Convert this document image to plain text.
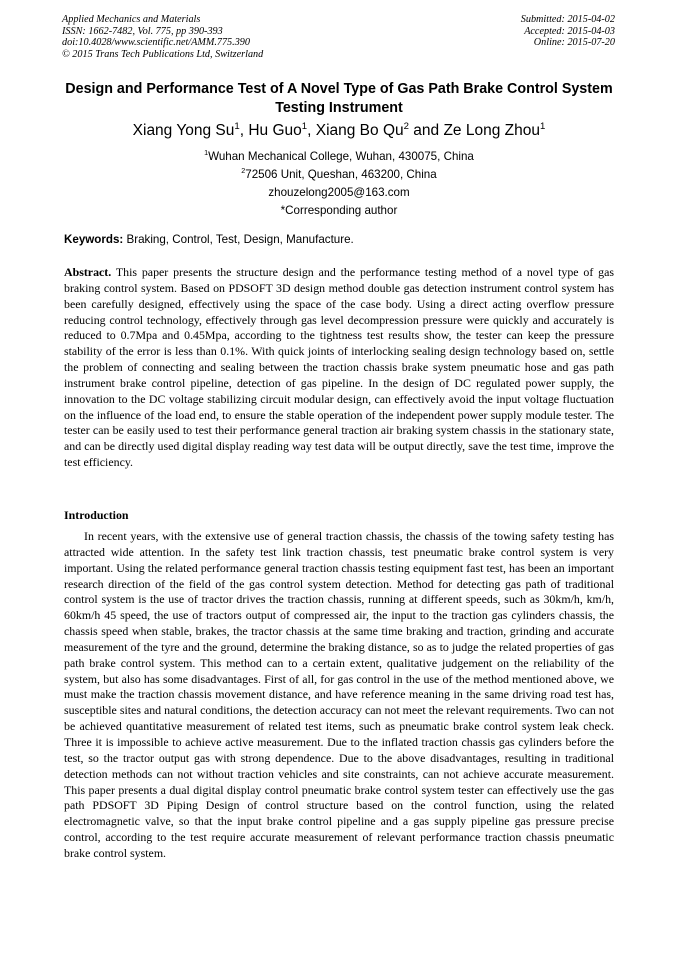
Applied Mechanics and Materials
ISSN: 1662-7482, Vol. 775, pp 390-393
doi:10.4028/www.scientific.net/AMM.775.390
© 2015 Trans Tech Publications Ltd, Switzerland
Submitted: 2015-04-02
Accepted: 2015-04-03
Online: 2015-07-20
Design and Performance Test of A Novel Type of Gas Path Brake Control System Testing Instrument
Xiang Yong Su$^1$, Hu Guo$^1$, Xiang Bo Qu$^2$ and Ze Long Zhou$^1$
$^1$Wuhan Mechanical College, Wuhan, 430075, China
$^2$72506 Unit, Queshan, 463200, China
zhouzelong2005@163.com
*Corresponding author
Keywords: Braking, Control, Test, Design, Manufacture.
Abstract. This paper presents the structure design and the performance testing method of a novel type of gas braking control system. Based on PDSOFT 3D design method double gas detection instrument control system has been carefully designed, effectively using the space of the case body. Using a direct acting overflow pressure reducing control technology, effectively through gas level decompression pressure were quickly and accurately is reduced to 0.7Mpa and 0.45Mpa, according to the tightness test results show, the tester can keep the pressure stability of the error is less than 0.1%. With quick joints of interlocking sealing design technology based on, settle the problem of connecting and sealing between the traction chassis brake system pneumatic hose and gas path instrument brake control pipeline, detection of gas pipeline. In the design of DC regulated power supply, the innovation to the DC voltage stabilizing circuit modular design, can effectively avoid the input voltage fluctuation on the influence of the load end, to ensure the stable operation of the independent power supply module tester. The tester can be easily used to test their performance general traction air braking system chassis in the stationary state, and can be directly used digital display reading way test data will be output directly, save the test time, improve the test efficiency.
Introduction
In recent years, with the extensive use of general traction chassis, the chassis of the towing safety testing has attracted wide attention. In the safety test link traction chassis, test pneumatic brake control system is very important. Using the related performance general traction chassis testing equipment fast test, has been an important research direction of the field of the gas control system detection. Method for detecting gas path of traditional control system is the use of tractor drives the traction chassis, running at different speeds, such as 30km/h, km/h, 60km/h 45 speed, the use of tractors output of compressed air, the input to the traction gas cylinders chassis, the chassis speed when stable, brakes, the tractor chassis at the same time braking and traction, grinding and accurate measurement of the tyre and the ground, determine the braking distance, so as to judge the related properties of gas path brake control system. This method can to a certain extent, qualitative judgement on the reliability of the system, but also has some disadvantages. First of all, for gas control in the use of the method mentioned above, we must make the traction chassis movement distance, and have reference meaning in the same driving road test has, susceptible sites and natural conditions, the detection accuracy can not meet the relevant requirements. Two can not be achieved quantitative measurement of related test items, such as pneumatic brake control system leak check. Three it is impossible to achieve active measurement. Due to the inflated traction chassis gas cylinders before the test, so the tractor output gas with strong dependence. Due to the above disadvantages, resulting in traditional detection methods can not without traction vehicles and site constraints, can not achieve accurate measurement. This paper presents a dual digital display control pneumatic brake control system tester can effectively use the gas path PDSOFT 3D Piping Design of control structure based on the control function, using the related electromagnetic valve, so that the input brake control pipeline and a gas supply pipeline gas pressure precise control, according to the test require accurate measurement of relevant performance traction chassis pneumatic brake control system.
